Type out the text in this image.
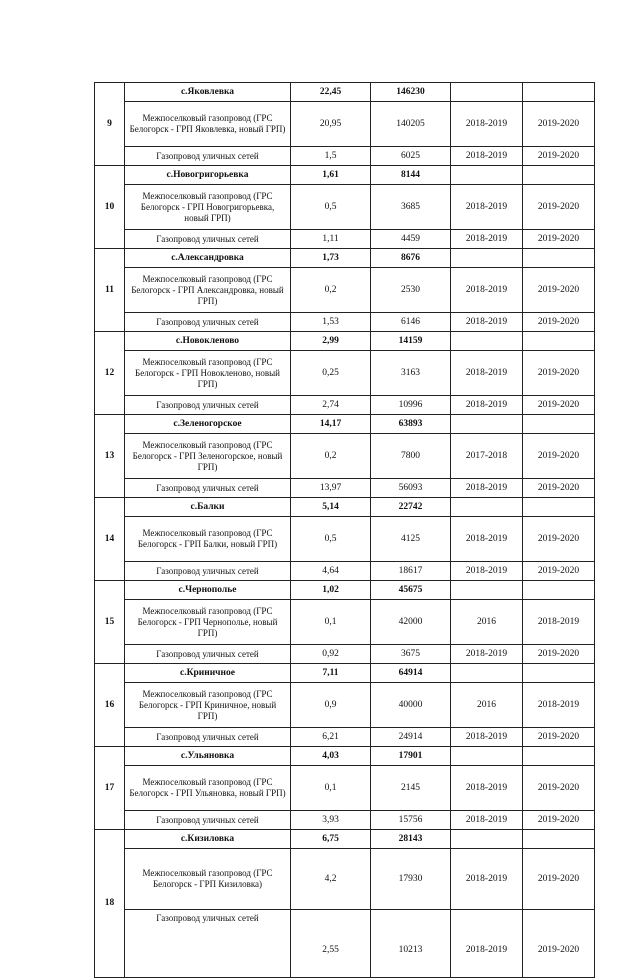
9	с.Яковлевка	22,45	146230		
	Межпоселковый газопровод (ГРС Белогорск - ГРП Яковлевка, новый ГРП)	20,95	140205	2018-2019	2019-2020
	Газопровод уличных сетей	1,5	6025	2018-2019	2019-2020
10	с.Новогригорьевка	1,61	8144		
	Межпоселковый газопровод (ГРС Белогорск - ГРП Новогригорьевка, новый ГРП)	0,5	3685	2018-2019	2019-2020
	Газопровод уличных сетей	1,11	4459	2018-2019	2019-2020
11	с.Александровка	1,73	8676		
	Межпоселковый газопровод (ГРС Белогорск - ГРП Александровка, новый ГРП)	0,2	2530	2018-2019	2019-2020
	Газопровод уличных сетей	1,53	6146	2018-2019	2019-2020
12	с.Новокленово	2,99	14159		
	Межпоселковый газопровод (ГРС Белогорск - ГРП Новокленово, новый ГРП)	0,25	3163	2018-2019	2019-2020
	Газопровод уличных сетей	2,74	10996	2018-2019	2019-2020
13	с.Зеленогорское	14,17	63893		
	Межпоселковый газопровод (ГРС Белогорск - ГРП Зеленогорское, новый ГРП)	0,2	7800	2017-2018	2019-2020
	Газопровод уличных сетей	13,97	56093	2018-2019	2019-2020
14	с.Балки	5,14	22742		
	Межпоселковый газопровод (ГРС Белогорск - ГРП Балки, новый ГРП)	0,5	4125	2018-2019	2019-2020
	Газопровод уличных сетей	4,64	18617	2018-2019	2019-2020
15	с.Чернополье	1,02	45675		
	Межпоселковый газопровод (ГРС Белогорск - ГРП Чернополье, новый ГРП)	0,1	42000	2016	2018-2019
	Газопровод уличных сетей	0,92	3675	2018-2019	2019-2020
16	с.Криничное	7,11	64914		
	Межпоселковый газопровод (ГРС Белогорск - ГРП Криничное, новый ГРП)	0,9	40000	2016	2018-2019
	Газопровод уличных сетей	6,21	24914	2018-2019	2019-2020
17	с.Ульяновка	4,03	17901		
	Межпоселковый газопровод (ГРС Белогорск - ГРП Ульяновка, новый ГРП)	0,1	2145	2018-2019	2019-2020
	Газопровод уличных сетей	3,93	15756	2018-2019	2019-2020
18	с.Кизиловка	6,75	28143		
	Межпоселковый газопровод (ГРС Белогорск - ГРП Кизиловка)	4,2	17930	2018-2019	2019-2020
	Газопровод уличных сетей	2,55	10213	2018-2019	2019-2020
